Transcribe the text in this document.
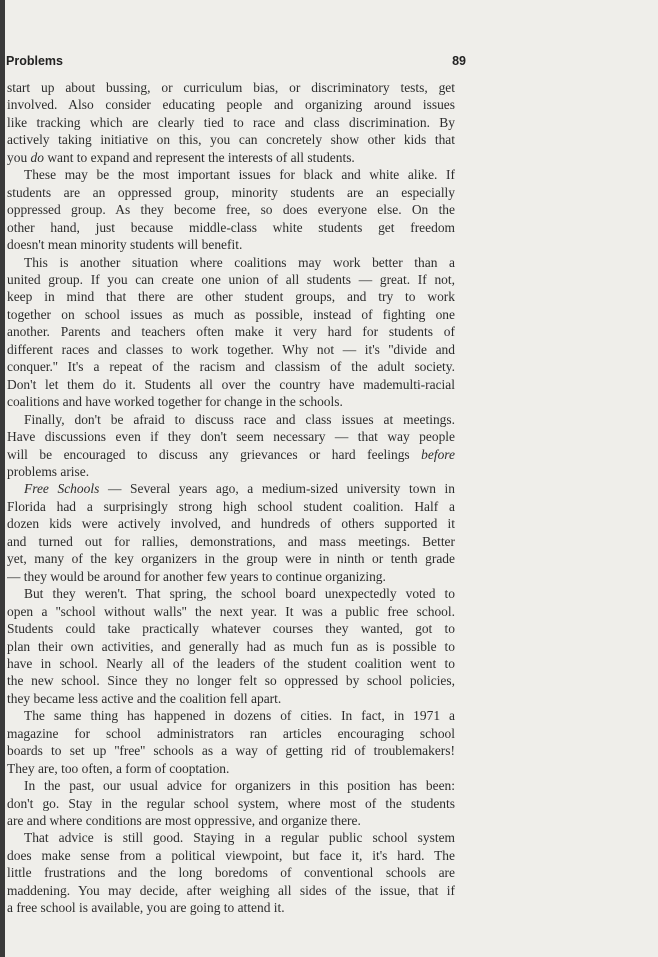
Problems	89
start up about bussing, or curriculum bias, or discriminatory tests, get
involved. Also consider educating people and organizing around issues
like tracking which are clearly tied to race and class discrimination. By
actively taking initiative on this, you can concretely show other kids that
you do want to expand and represent the interests of all students.
These may be the most important issues for black and white alike. If
students are an oppressed group, minority students are an especially
oppressed group. As they become free, so does everyone else. On the
other hand, just because middle-class white students get freedom
doesn't mean minority students will benefit.
This is another situation where coalitions may work better than a
united group. If you can create one union of all students — great. If not,
keep in mind that there are other student groups, and try to work
together on school issues as much as possible, instead of fighting one
another. Parents and teachers often make it very hard for students of
different races and classes to work together. Why not — it's ''divide and
conquer.'' It's a repeat of the racism and classism of the adult society.
Don't let them do it. Students all over the country have mademulti-racial
coalitions and have worked together for change in the schools.
Finally, don't be afraid to discuss race and class issues at meetings.
Have discussions even if they don't seem necessary — that way people
will be encouraged to discuss any grievances or hard feelings before
problems arise.
Free Schools — Several years ago, a medium-sized university town in
Florida had a surprisingly strong high school student coalition. Half a
dozen kids were actively involved, and hundreds of others supported it
and turned out for rallies, demonstrations, and mass meetings. Better
yet, many of the key organizers in the group were in ninth or tenth grade
— they would be around for another few years to continue organizing.
But they weren't. That spring, the school board unexpectedly voted to
open a ''school without walls'' the next year. It was a public free school.
Students could take practically whatever courses they wanted, got to
plan their own activities, and generally had as much fun as is possible to
have in school. Nearly all of the leaders of the student coalition went to
the new school. Since they no longer felt so oppressed by school policies,
they became less active and the coalition fell apart.
The same thing has happened in dozens of cities. In fact, in 1971 a
magazine for school administrators ran articles encouraging school
boards to set up ''free'' schools as a way of getting rid of troublemakers!
They are, too often, a form of cooptation.
In the past, our usual advice for organizers in this position has been:
don't go. Stay in the regular school system, where most of the students
are and where conditions are most oppressive, and organize there.
That advice is still good. Staying in a regular public school system
does make sense from a political viewpoint, but face it, it's hard. The
little frustrations and the long boredoms of conventional schools are
maddening. You may decide, after weighing all sides of the issue, that if
a free school is available, you are going to attend it.
